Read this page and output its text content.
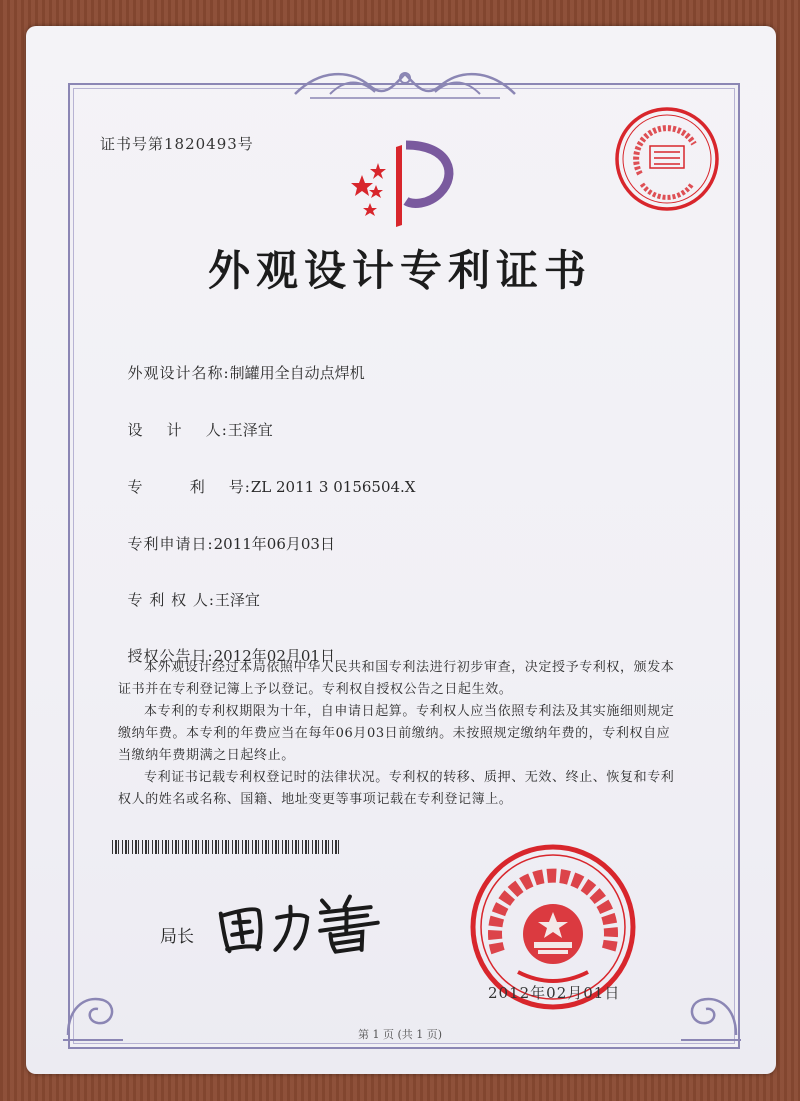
证书号第1820493号
外观设计专利证书

外观设计名称:制罐用全自动点焊机

设    计    人:王泽宜

专        利    号:ZL 2011 3 0156504.X

专利申请日:2011年06月03日

专 利 权 人:王泽宜

授权公告日:2012年02月01日

本外观设计经过本局依照中华人民共和国专利法进行初步审查，决定授予专利权，颁发本证书并在专利登记簿上予以登记。专利权自授权公告之日起生效。

本专利的专利权期限为十年，自申请日起算。专利权人应当依照专利法及其实施细则规定缴纳年费。本专利的年费应当在每年06月03日前缴纳。未按照规定缴纳年费的，专利权自应当缴纳年费期满之日起终止。

专利证书记载专利权登记时的法律状况。专利权的转移、质押、无效、终止、恢复和专利权人的姓名或名称、国籍、地址变更等事项记载在专利登记簿上。

局长
2012年02月01日
第 1 页 (共 1 页)
